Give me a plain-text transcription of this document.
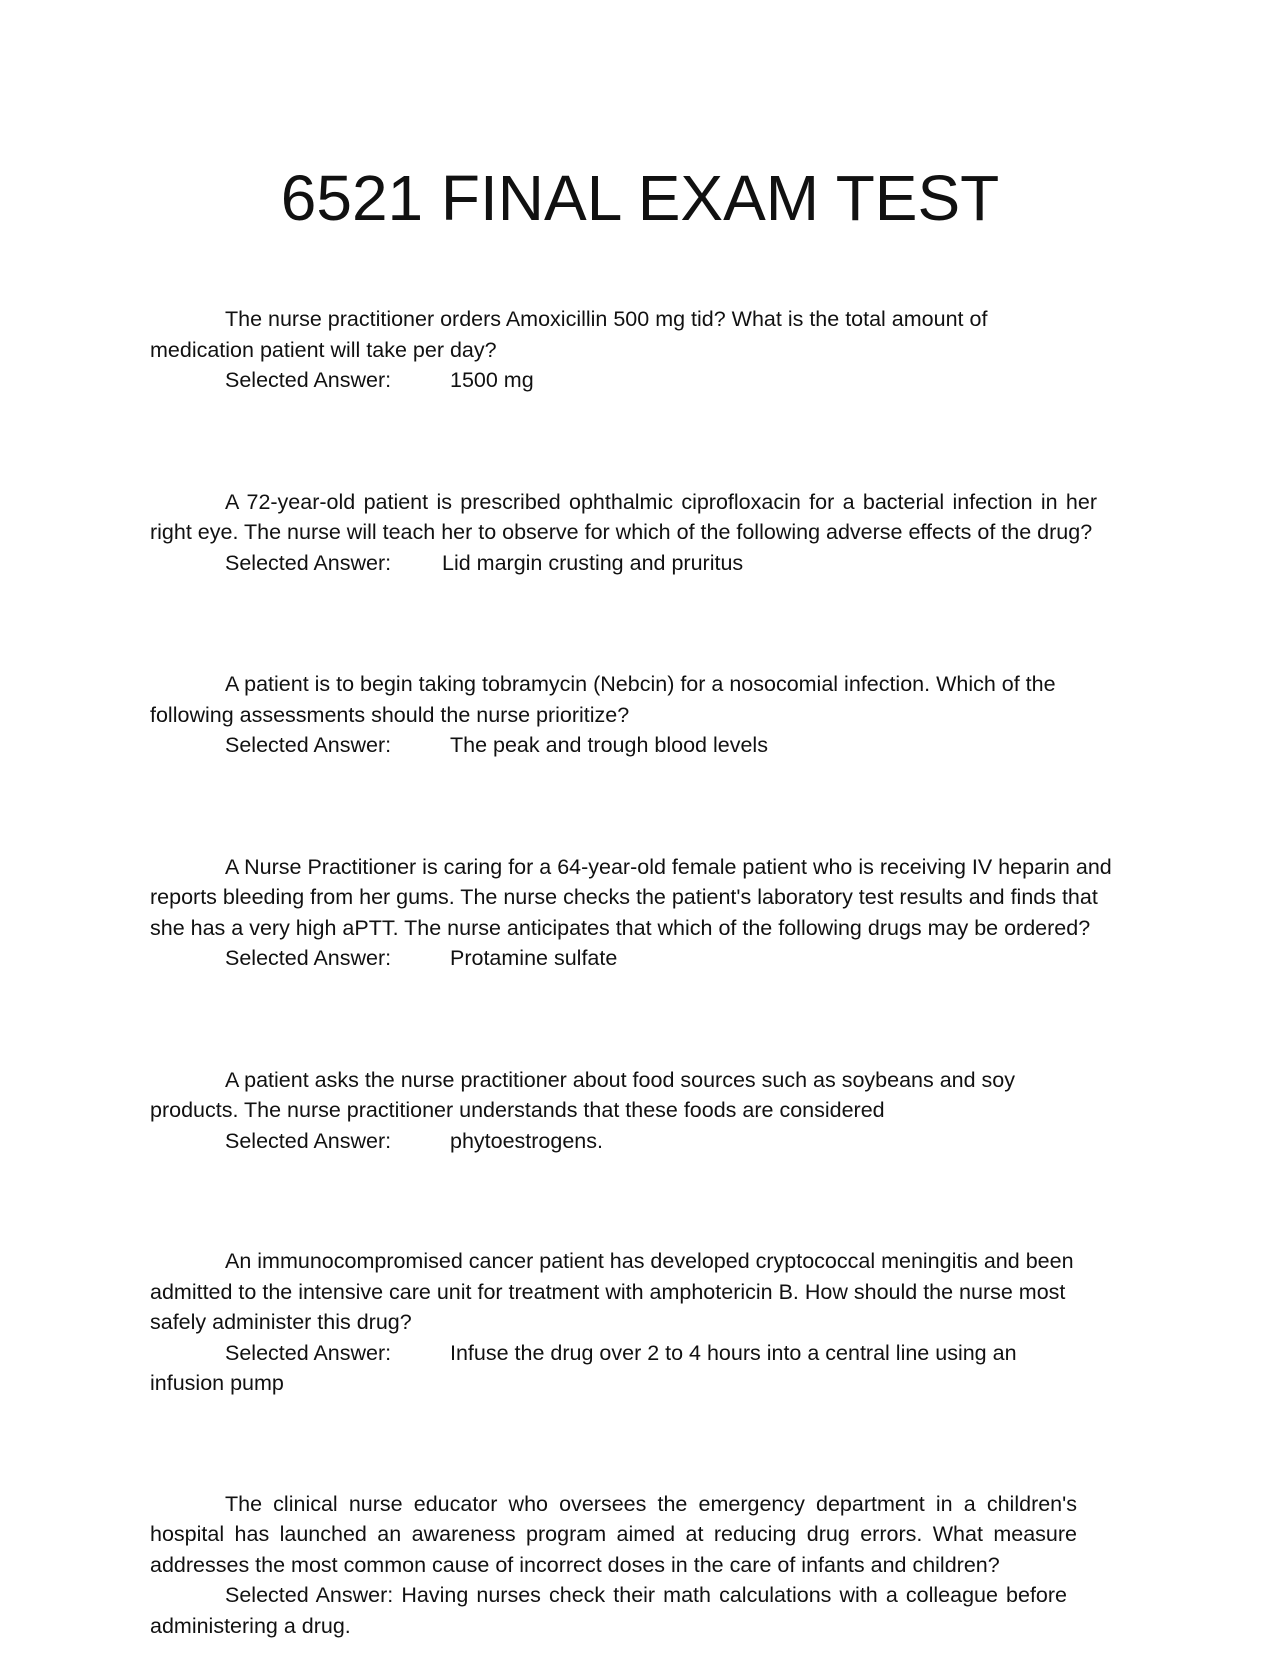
6521 FINAL EXAM TEST

The nurse practitioner orders Amoxicillin 500 mg tid? What is the total amount of medication patient will take per day?

Selected Answer:	1500 mg

A 72-year-old patient is prescribed ophthalmic ciprofloxacin for a bacterial infection in her right eye. The nurse will teach her to observe for which of the following adverse effects of the drug?

Selected Answer: Lid margin crusting and pruritus

A patient is to begin taking tobramycin (Nebcin) for a nosocomial infection. Which of the following assessments should the nurse prioritize?

Selected Answer:	The peak and trough blood levels

A Nurse Practitioner is caring for a 64-year-old female patient who is receiving IV heparin and reports bleeding from her gums. The nurse checks the patient's laboratory test results and finds that she has a very high aPTT. The nurse anticipates that which of the following drugs may be ordered?

Selected Answer:	Protamine sulfate

A patient asks the nurse practitioner about food sources such as soybeans and soy products. The nurse practitioner understands that these foods are considered

Selected Answer:	phytoestrogens.

An immunocompromised cancer patient has developed cryptococcal meningitis and been admitted to the intensive care unit for treatment with amphotericin B. How should the nurse most safely administer this drug?

Selected Answer:	Infuse the drug over 2 to 4 hours into a central line using an infusion pump

The clinical nurse educator who oversees the emergency department in a children's hospital has launched an awareness program aimed at reducing drug errors. What measure addresses the most common cause of incorrect doses in the care of infants and children?

Selected Answer: Having nurses check their math calculations with a colleague before administering a drug.
